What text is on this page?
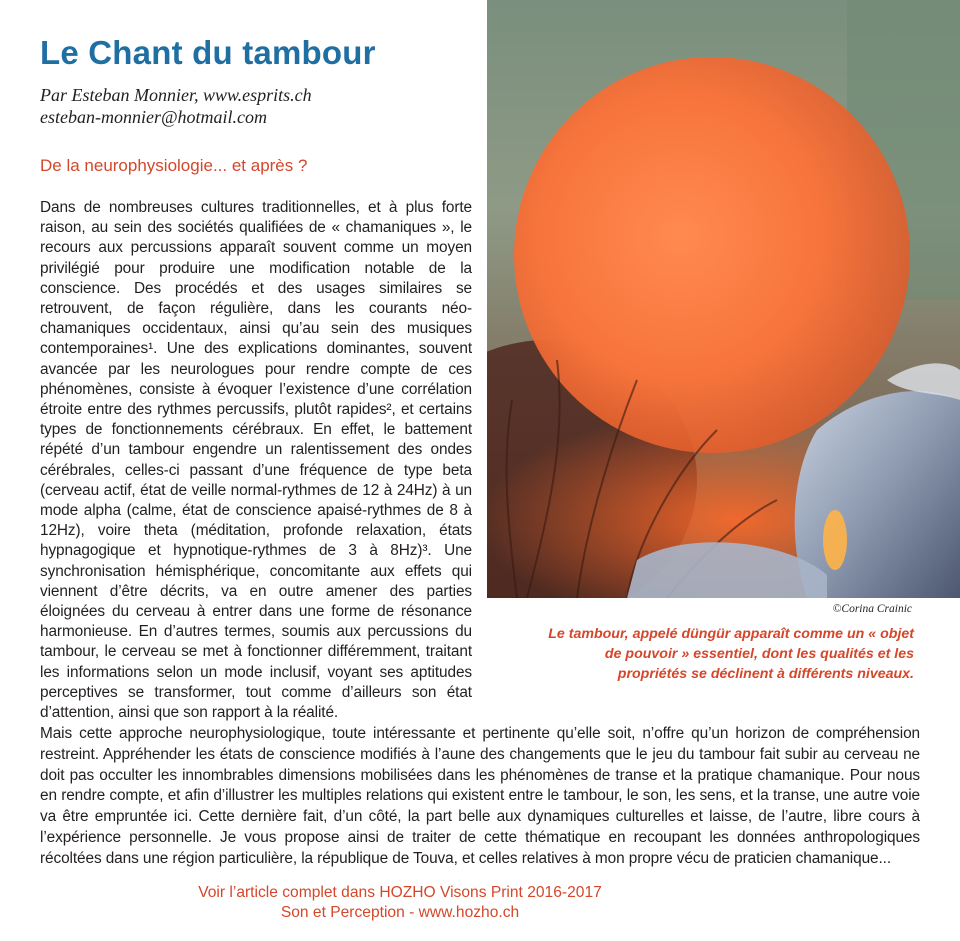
Le Chant du tambour
Par Esteban Monnier, www.esprits.ch
esteban-monnier@hotmail.com
De la neurophysiologie... et après ?
Dans de nombreuses cultures traditionnelles, et à plus forte raison, au sein des sociétés qualifiées de « chamaniques », le recours aux percussions apparaît souvent comme un moyen privilégié pour produire une modification notable de la conscience. Des procédés et des usages similaires se retrouvent, de façon régulière, dans les courants néo-chamaniques occidentaux, ainsi qu’au sein des musiques contemporaines¹. Une des explications dominantes, souvent avancée par les neurologues pour rendre compte de ces phénomènes, consiste à évoquer l’existence d’une corrélation étroite entre des rythmes percussifs, plutôt rapides², et certains types de fonctionnements cérébraux. En effet, le battement répété d’un tambour engendre un ralentissement des ondes cérébrales, celles-ci passant d’une fréquence de type beta (cerveau actif, état de veille normal-rythmes de 12 à 24Hz) à un mode alpha (calme, état de conscience apaisé-rythmes de 8 à 12Hz), voire theta (méditation, profonde relaxation, états hypnagogique et hypnotique-rythmes de 3 à 8Hz)³. Une synchronisation hémisphérique, concomitante aux effets qui viennent d’être décrits, va en outre amener des parties éloignées du cerveau à entrer dans une forme de résonance harmonieuse. En d’autres termes, soumis aux percussions du tambour, le cerveau se met à fonctionner différemment, traitant les informations selon un mode inclusif, voyant ses aptitudes perceptives se transformer, tout comme d’ailleurs son état d’attention, ainsi que son rapport à la réalité.
©Corina Crainic
Le tambour, appelé düngür apparaît comme un « objet de pouvoir » essentiel, dont les qualités et les propriétés se déclinent à différents niveaux.
Mais cette approche neurophysiologique, toute intéressante et pertinente qu’elle soit, n’offre qu’un horizon de compréhension restreint. Appréhender les états de conscience modifiés à l’aune des changements que le jeu du tambour fait subir au cerveau ne doit pas occulter les innombrables dimensions mobilisées dans les phénomènes de transe et la pratique chamanique. Pour nous en rendre compte, et afin d’illustrer les multiples relations qui existent entre le tambour, le son, les sens, et la transe, une autre voie va être empruntée ici. Cette dernière fait, d’un côté, la part belle aux dynamiques culturelles et laisse, de l’autre, libre cours à l’expérience personnelle. Je vous propose ainsi de traiter de cette thématique en recoupant les données anthropologiques récoltées dans une région particulière, la république de Touva, et celles relatives à mon propre vécu de praticien chamanique...
Voir l’article complet dans HOZHO Visons Print 2016-2017
Son et Perception - www.hozho.ch
